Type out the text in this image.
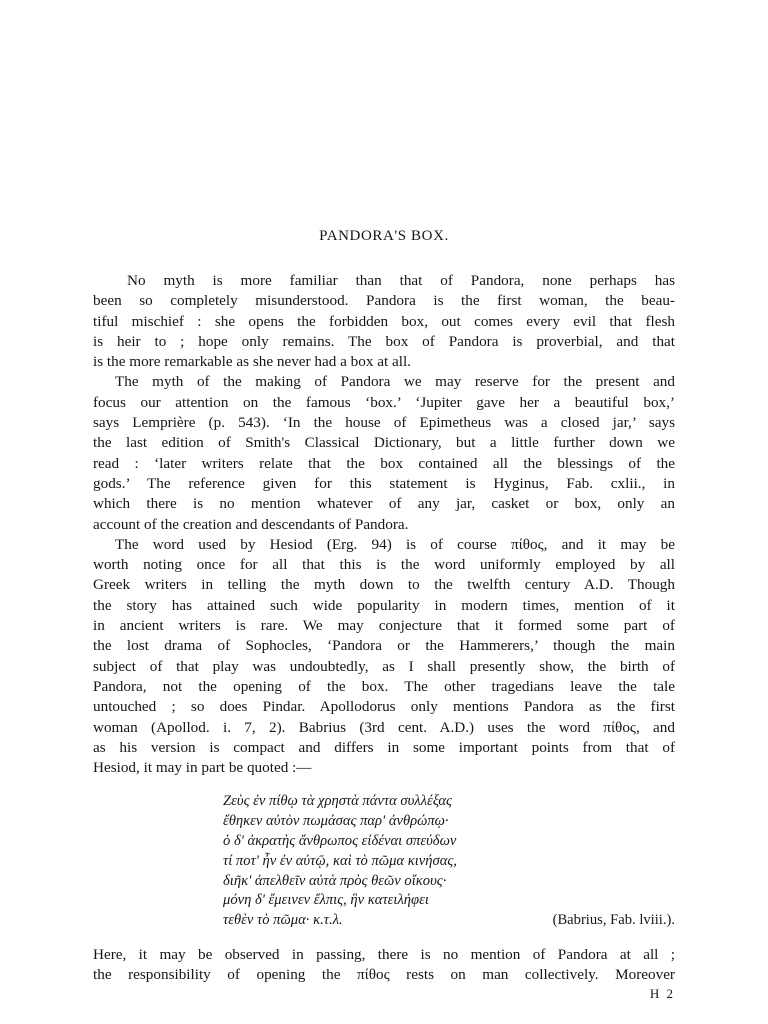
PANDORA'S BOX.

No myth is more familiar than that of Pandora, none perhaps has
been so completely misunderstood. Pandora is the first woman, the beau-
tiful mischief : she opens the forbidden box, out comes every evil that flesh
is heir to ; hope only remains. The box of Pandora is proverbial, and that
is the more remarkable as she never had a box at all.

The myth of the making of Pandora we may reserve for the present and
focus our attention on the famous ‘box.’ ‘Jupiter gave her a beautiful box,’
says Lemprière (p. 543). ‘In the house of Epimetheus was a closed jar,’ says
the last edition of Smith's Classical Dictionary, but a little further down we
read : ‘later writers relate that the box contained all the blessings of the
gods.’ The reference given for this statement is Hyginus, Fab. cxlii., in
which there is no mention whatever of any jar, casket or box, only an
account of the creation and descendants of Pandora.

The word used by Hesiod (Erg. 94) is of course πίθος, and it may be
worth noting once for all that this is the word uniformly employed by all
Greek writers in telling the myth down to the twelfth century A.D. Though
the story has attained such wide popularity in modern times, mention of it
in ancient writers is rare. We may conjecture that it formed some part of
the lost drama of Sophocles, ‘Pandora or the Hammerers,’ though the main
subject of that play was undoubtedly, as I shall presently show, the birth of
Pandora, not the opening of the box. The other tragedians leave the tale
untouched ; so does Pindar. Apollodorus only mentions Pandora as the first
woman (Apollod. i. 7, 2). Babrius (3rd cent. A.D.) uses the word πίθος, and
as his version is compact and differs in some important points from that of
Hesiod, it may in part be quoted :—

Ζεὺς ἐν πίθῳ τὰ χρηστὰ πάντα συλλέξας
ἔθηκεν αὐτὸν πωμάσας παρ' ἀνθρώπῳ·
ὁ δ' ἀκρατὴς ἄνθρωπος εἰδέναι σπεύδων
τί ποτ' ἦν ἐν αὐτῷ, καὶ τὸ πῶμα κινήσας,
διῆκ' ἀπελθεῖν αὐτὰ πρὸς θεῶν οἴκους·
μόνη δ' ἔμεινεν ἔλπις, ἣν κατειλήφει
τεθὲν τὸ πῶμα· κ.τ.λ.	(Babrius, Fab. lviii.).

Here, it may be observed in passing, there is no mention of Pandora at all ;
the responsibility of opening the πίθος rests on man collectively. Moreover

H 2
